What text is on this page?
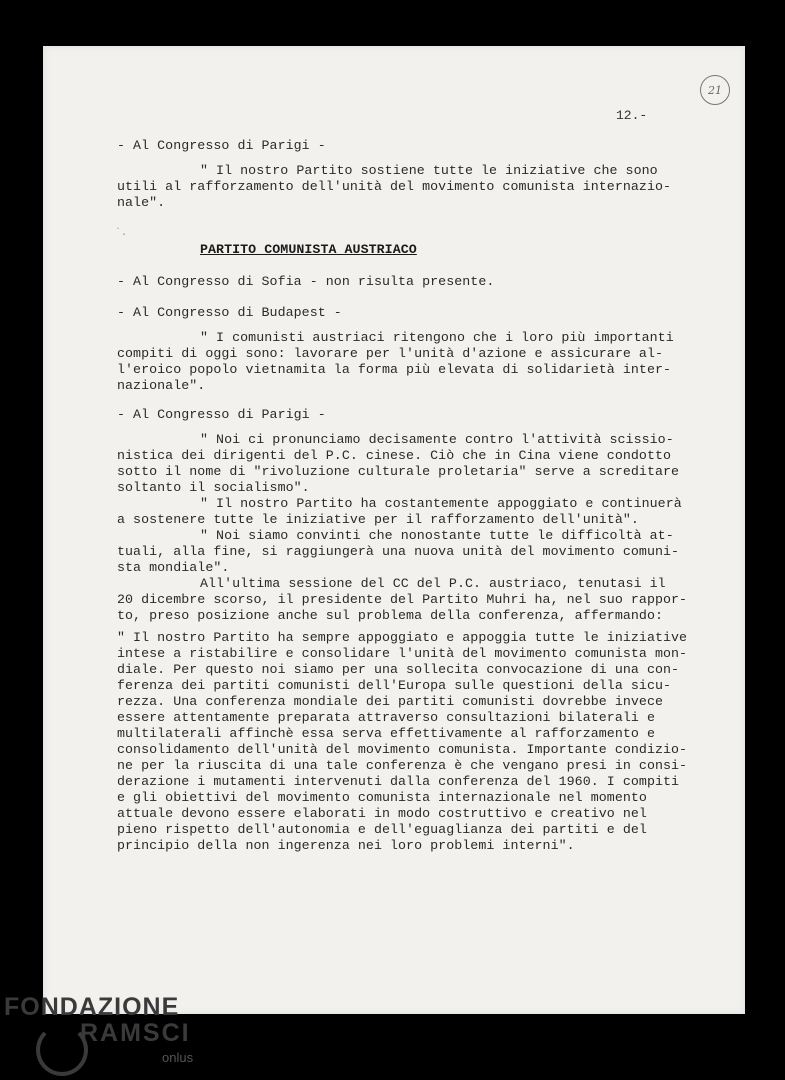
21
12.-
`.
- Al Congresso di Parigi -
" Il nostro Partito sostiene tutte le iniziative che sono
utili al rafforzamento dell'unità del movimento comunista internazio-
nale".
PARTITO COMUNISTA AUSTRIACO
- Al Congresso di Sofia - non risulta presente.
- Al Congresso di Budapest -
" I comunisti austriaci ritengono che i loro più importanti
compiti di oggi sono: lavorare per l'unità d'azione e assicurare al-
l'eroico popolo vietnamita la forma più elevata di solidarietà inter-
nazionale".
- Al Congresso di Parigi -
" Noi ci pronunciamo decisamente contro l'attività scissio-
nistica dei dirigenti del P.C. cinese. Ciò che in Cina viene condotto
sotto il nome di "rivoluzione culturale proletaria" serve a screditare
soltanto il socialismo".
" Il nostro Partito ha costantemente appoggiato e continuerà
a sostenere tutte le iniziative per il rafforzamento dell'unità".
" Noi siamo convinti che nonostante tutte le difficoltà at-
tuali, alla fine, si raggiungerà una nuova unità del movimento comuni-
sta mondiale".
All'ultima sessione del CC del P.C. austriaco, tenutasi il
20 dicembre scorso, il presidente del Partito Muhri ha, nel suo rappor-
to, preso posizione anche sul problema della conferenza, affermando:
" Il nostro Partito ha sempre appoggiato e appoggia tutte le iniziative
intese a ristabilire e consolidare l'unità del movimento comunista mon-
diale. Per questo noi siamo per una sollecita convocazione di una con-
ferenza dei partiti comunisti dell'Europa sulle questioni della sicu-
rezza. Una conferenza mondiale dei partiti comunisti dovrebbe invece
essere attentamente preparata attraverso consultazioni bilaterali e
multilaterali affinchè essa serva effettivamente al rafforzamento e
consolidamento dell'unità del movimento comunista. Importante condizio-
ne per la riuscita di una tale conferenza è che vengano presi in consi-
derazione i mutamenti intervenuti dalla conferenza del 1960. I compiti
e gli obiettivi del movimento comunista internazionale nel momento
attuale devono essere elaborati in modo costruttivo e creativo nel
pieno rispetto dell'autonomia e dell'eguaglianza dei partiti e del
principio della non ingerenza nei loro problemi interni".
FONDAZIONE
RAMSCI
onlus
